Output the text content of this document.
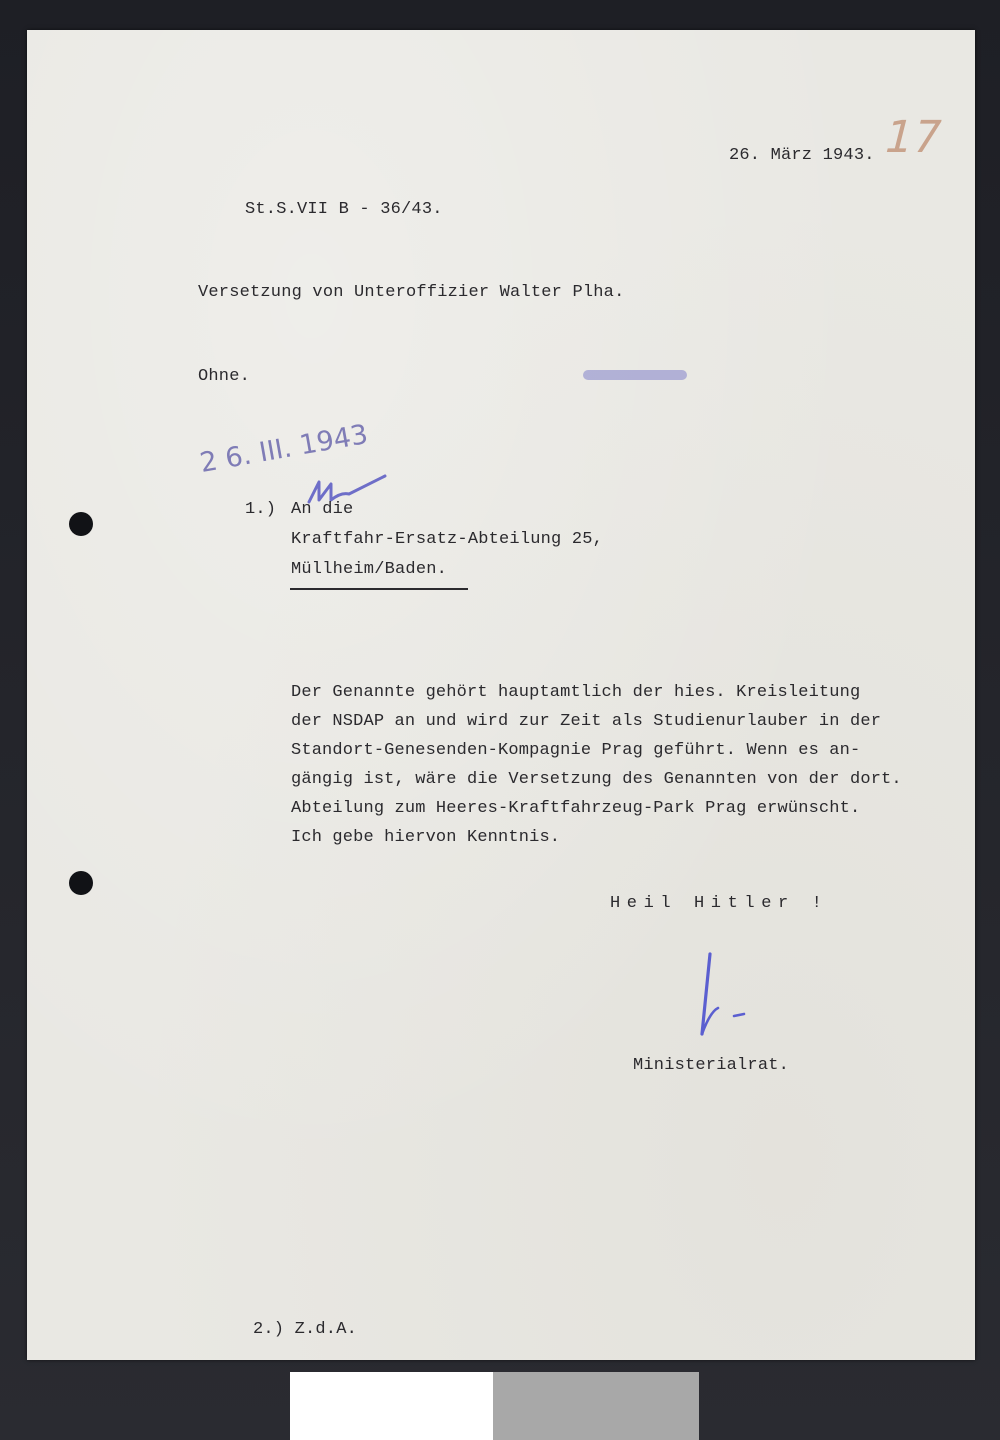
17
26. März 1943.
St.S.VII B - 36/43.
Versetzung von Unteroffizier Walter Plha.
Ohne.
2 6. III. 1943
1.) An die
Kraftfahr-Ersatz-Abteilung 25,
Müllheim/Baden.
Der Genannte gehört hauptamtlich der hies. Kreisleitung
der NSDAP an und wird zur Zeit als Studienurlauber in der
Standort-Genesenden-Kompagnie Prag geführt. Wenn es an-
gängig ist, wäre die Versetzung des Genannten von der dort.
Abteilung zum Heeres-Kraftfahrzeug-Park Prag erwünscht.
Ich gebe hiervon Kenntnis.
Heil Hitler !
Ministerialrat.
2.) Z.d.A.
